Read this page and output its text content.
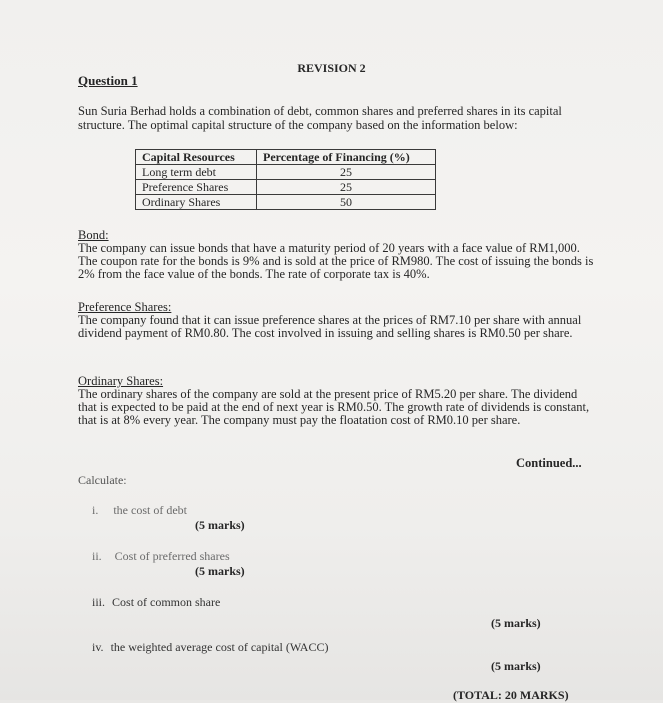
REVISION 2
Question 1
Sun Suria Berhad holds a combination of debt, common shares and preferred shares in its capital structure. The optimal capital structure of the company based on the information below:
Capital Resources	Percentage of Financing (%)
Long term debt	25
Preference Shares	25
Ordinary Shares	50
Bond:
The company can issue bonds that have a maturity period of 20 years with a face value of RM1,000. The coupon rate for the bonds is 9% and is sold at the price of RM980. The cost of issuing the bonds is 2% from the face value of the bonds. The rate of corporate tax is 40%.
Preference Shares:
The company found that it can issue preference shares at the prices of RM7.10 per share with annual dividend payment of RM0.80. The cost involved in issuing and selling shares is RM0.50 per share.
Ordinary Shares:
The ordinary shares of the company are sold at the present price of RM5.20 per share. The dividend that is expected to be paid at the end of next year is RM0.50. The growth rate of dividends is constant, that is at 8% every year. The company must pay the floatation cost of RM0.10 per share.
Continued...
Calculate:
i. the cost of debt
(5 marks)
ii. Cost of preferred shares
(5 marks)
iii. Cost of common share
(5 marks)
iv. the weighted average cost of capital (WACC)
(5 marks)
(TOTAL: 20 MARKS)
